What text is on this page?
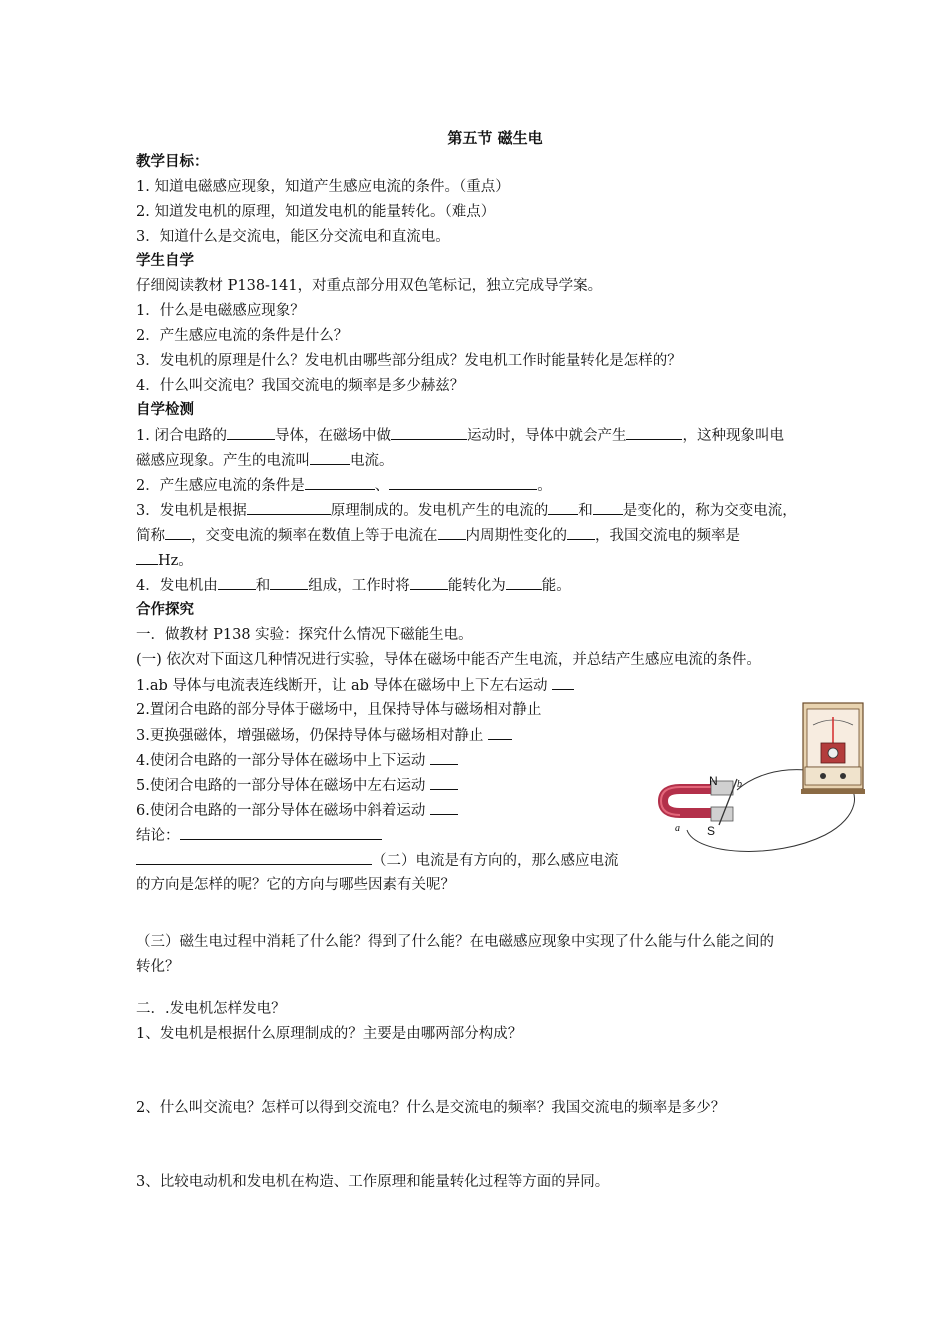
第五节 磁生电
教学目标：
1. 知道电磁感应现象，知道产生感应电流的条件。（重点）
2. 知道发电机的原理，知道发电机的能量转化。（难点）
3．知道什么是交流电，能区分交流电和直流电。
学生自学
仔细阅读教材 P138-141，对重点部分用双色笔标记，独立完成导学案。
1．什么是电磁感应现象？
2．产生感应电流的条件是什么？
3．发电机的原理是什么？发电机由哪些部分组成？发电机工作时能量转化是怎样的？
4．什么叫交流电？我国交流电的频率是多少赫兹？
自学检测
1. 闭合电路的	导体，在磁场中做	运动时，导体中就会产生	，这种现象叫电
磁感应现象。产生的电流叫	电流。
2．产生感应电流的条件是	、	。
3．发电机是根据	原理制成的。发电机产生的电流的 和 是变化的，称为交变电流，
简称 ，交变电流的频率在数值上等于电流在 内周期性变化的 ，我国交流电的频率是
Hz。
4．发电机由	和	组成，工作时将	能转化为 能。
合作探究
一．做教材 P138 实验：探究什么情况下磁能生电。
(一) 依次对下面这几种情况进行实验，导体在磁场中能否产生电流，并总结产生感应电流的条件。
1.ab 导体与电流表连线断开，让 ab 导体在磁场中上下左右运动
2.置闭合电路的部分导体于磁场中，且保持导体与磁场相对静止
3.更换强磁体，增强磁场，仍保持导体与磁场相对静止
4.使闭合电路的一部分导体在磁场中上下运动
5.使闭合电路的一部分导体在磁场中左右运动
6.使闭合电路的一部分导体在磁场中斜着运动
结论：
（二）电流是有方向的，那么感应电流
的方向是怎样的呢？它的方向与哪些因素有关呢？
（三）磁生电过程中消耗了什么能？得到了什么能？在电磁感应现象中实现了什么能与什么能之间的
转化？
二．.发电机怎样发电？
1、发电机是根据什么原理制成的？主要是由哪两部分构成？
2、什么叫交流电？怎样可以得到交流电？什么是交流电的频率？我国交流电的频率是多少？
3、比较电动机和发电机在构造、工作原理和能量转化过程等方面的异同。
N
S
a
b
